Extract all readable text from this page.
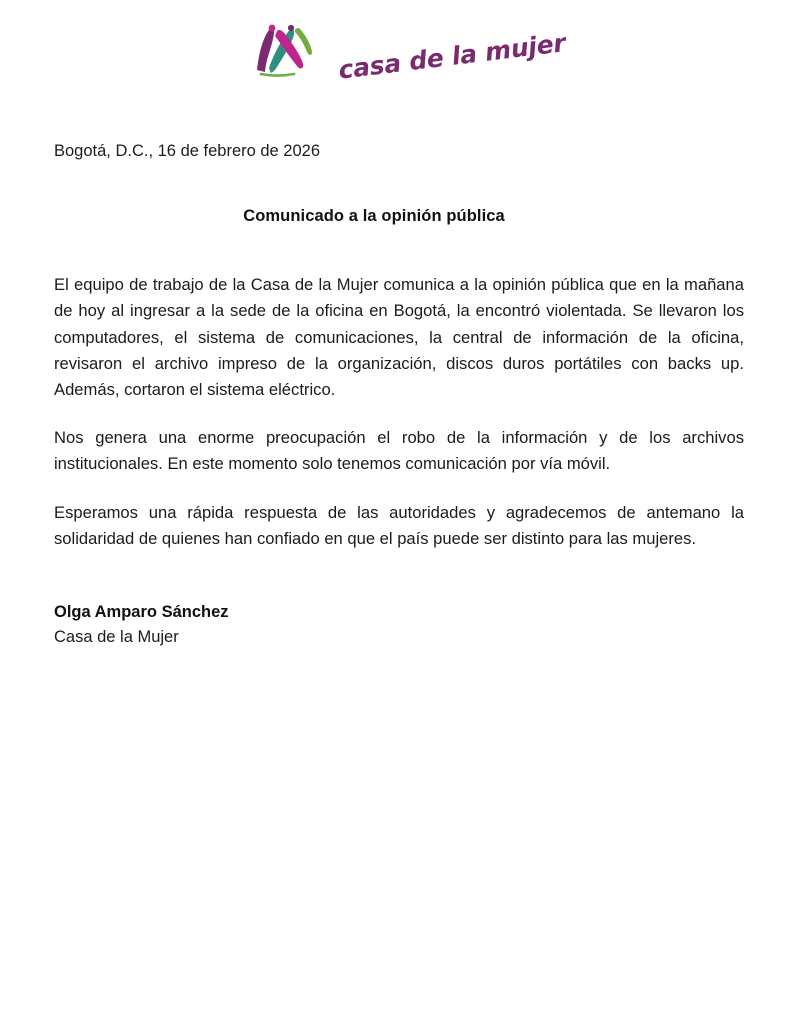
casa de la mujer

Bogotá, D.C., 16 de febrero de 2026

Comunicado a la opinión pública

El equipo de trabajo de la Casa de la Mujer comunica a la opinión pública que en la mañana de hoy al ingresar a la sede de la oficina en Bogotá, la encontró violentada. Se llevaron los computadores, el sistema de comunicaciones, la central de información de la oficina, revisaron el archivo impreso de la organización, discos duros portátiles con backs up. Además, cortaron el sistema eléctrico.

Nos genera una enorme preocupación el robo de la información y de los archivos institucionales. En este momento solo tenemos comunicación por vía móvil.

Esperamos una rápida respuesta de las autoridades y agradecemos de antemano la solidaridad de quienes han confiado en que el país puede ser distinto para las mujeres.

Olga Amparo Sánchez
Casa de la Mujer
